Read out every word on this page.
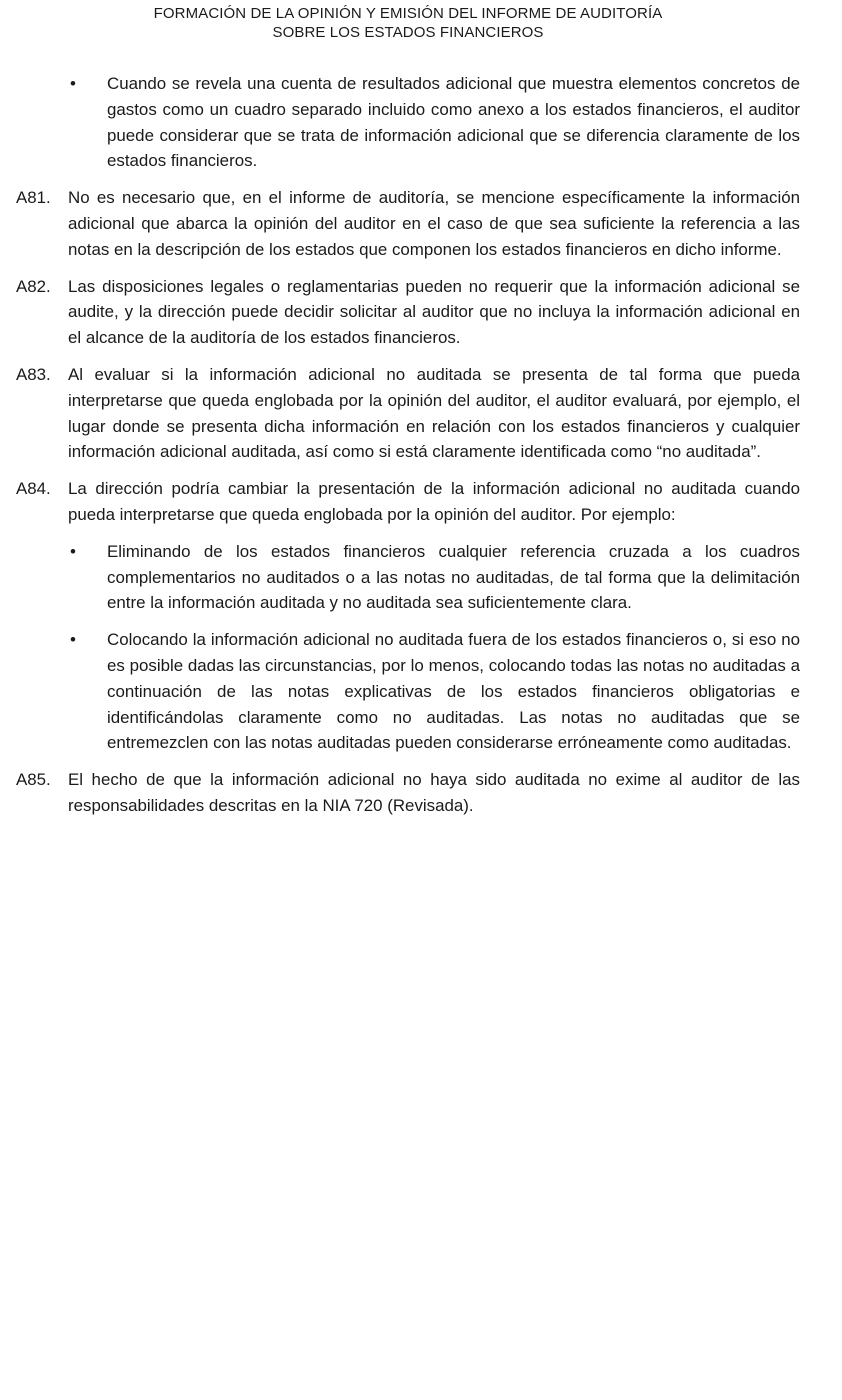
FORMACIÓN DE LA OPINIÓN Y EMISIÓN DEL INFORME DE AUDITORÍA
SOBRE LOS ESTADOS FINANCIEROS
• Cuando se revela una cuenta de resultados adicional que muestra elementos concretos de gastos como un cuadro separado incluido como anexo a los estados financieros, el auditor puede considerar que se trata de información adicional que se diferencia claramente de los estados financieros.
A81. No es necesario que, en el informe de auditoría, se mencione específicamente la información adicional que abarca la opinión del auditor en el caso de que sea suficiente la referencia a las notas en la descripción de los estados que componen los estados financieros en dicho informe.
A82. Las disposiciones legales o reglamentarias pueden no requerir que la información adicional se audite, y la dirección puede decidir solicitar al auditor que no incluya la información adicional en el alcance de la auditoría de los estados financieros.
A83. Al evaluar si la información adicional no auditada se presenta de tal forma que pueda interpretarse que queda englobada por la opinión del auditor, el auditor evaluará, por ejemplo, el lugar donde se presenta dicha información en relación con los estados financieros y cualquier información adicional auditada, así como si está claramente identificada como “no auditada”.
A84. La dirección podría cambiar la presentación de la información adicional no auditada cuando pueda interpretarse que queda englobada por la opinión del auditor. Por ejemplo:
• Eliminando de los estados financieros cualquier referencia cruzada a los cuadros complementarios no auditados o a las notas no auditadas, de tal forma que la delimitación entre la información auditada y no auditada sea suficientemente clara.
• Colocando la información adicional no auditada fuera de los estados financieros o, si eso no es posible dadas las circunstancias, por lo menos, colocando todas las notas no auditadas a continuación de las notas explicativas de los estados financieros obligatorias e identificándolas claramente como no auditadas. Las notas no auditadas que se entremezclen con las notas auditadas pueden considerarse erróneamente como auditadas.
A85. El hecho de que la información adicional no haya sido auditada no exime al auditor de las responsabilidades descritas en la NIA 720 (Revisada).
